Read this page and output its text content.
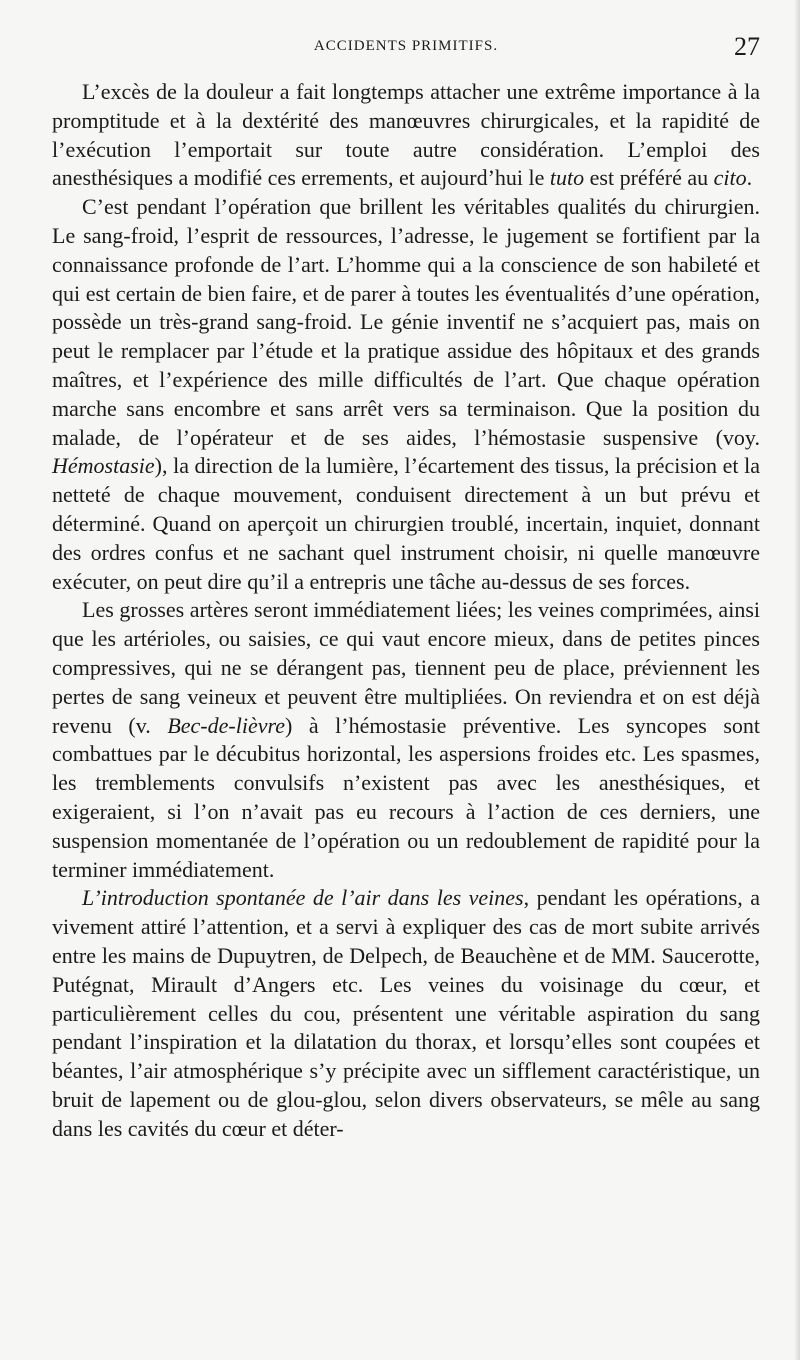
ACCIDENTS PRIMITIFS.	27

L’excès de la douleur a fait longtemps attacher une extrême importance à la promptitude et à la dextérité des manœuvres chirurgicales, et la rapidité de l’exécution l’emportait sur toute autre considération. L’emploi des anesthésiques a modifié ces errements, et aujourd’hui le tuto est préféré au cito.

C’est pendant l’opération que brillent les véritables qualités du chirurgien. Le sang-froid, l’esprit de ressources, l’adresse, le jugement se fortifient par la connaissance profonde de l’art. L’homme qui a la conscience de son habileté et qui est certain de bien faire, et de parer à toutes les éventualités d’une opération, possède un très-grand sang-froid. Le génie inventif ne s’acquiert pas, mais on peut le remplacer par l’étude et la pratique assidue des hôpitaux et des grands maîtres, et l’expérience des mille difficultés de l’art. Que chaque opération marche sans encombre et sans arrêt vers sa terminaison. Que la position du malade, de l’opérateur et de ses aides, l’hémostasie suspensive (voy. Hémostasie), la direction de la lumière, l’écartement des tissus, la précision et la netteté de chaque mouvement, conduisent directement à un but prévu et déterminé. Quand on aperçoit un chirurgien troublé, incertain, inquiet, donnant des ordres confus et ne sachant quel instrument choisir, ni quelle manœuvre exécuter, on peut dire qu’il a entrepris une tâche au-dessus de ses forces.

Les grosses artères seront immédiatement liées; les veines comprimées, ainsi que les artérioles, ou saisies, ce qui vaut encore mieux, dans de petites pinces compressives, qui ne se dérangent pas, tiennent peu de place, préviennent les pertes de sang veineux et peuvent être multipliées. On reviendra et on est déjà revenu (v. Bec-de-lièvre) à l’hémostasie préventive. Les syncopes sont combattues par le décubitus horizontal, les aspersions froides etc. Les spasmes, les tremblements convulsifs n’existent pas avec les anesthésiques, et exigeraient, si l’on n’avait pas eu recours à l’action de ces derniers, une suspension momentanée de l’opération ou un redoublement de rapidité pour la terminer immédiatement.

L’introduction spontanée de l’air dans les veines, pendant les opérations, a vivement attiré l’attention, et a servi à expliquer des cas de mort subite arrivés entre les mains de Dupuytren, de Delpech, de Beauchène et de MM. Saucerotte, Putégnat, Mirault d’Angers etc. Les veines du voisinage du cœur, et particulièrement celles du cou, présentent une véritable aspiration du sang pendant l’inspiration et la dilatation du thorax, et lorsqu’elles sont coupées et béantes, l’air atmosphérique s’y précipite avec un sifflement caractéristique, un bruit de lapement ou de glou-glou, selon divers observateurs, se mêle au sang dans les cavités du cœur et déter-
